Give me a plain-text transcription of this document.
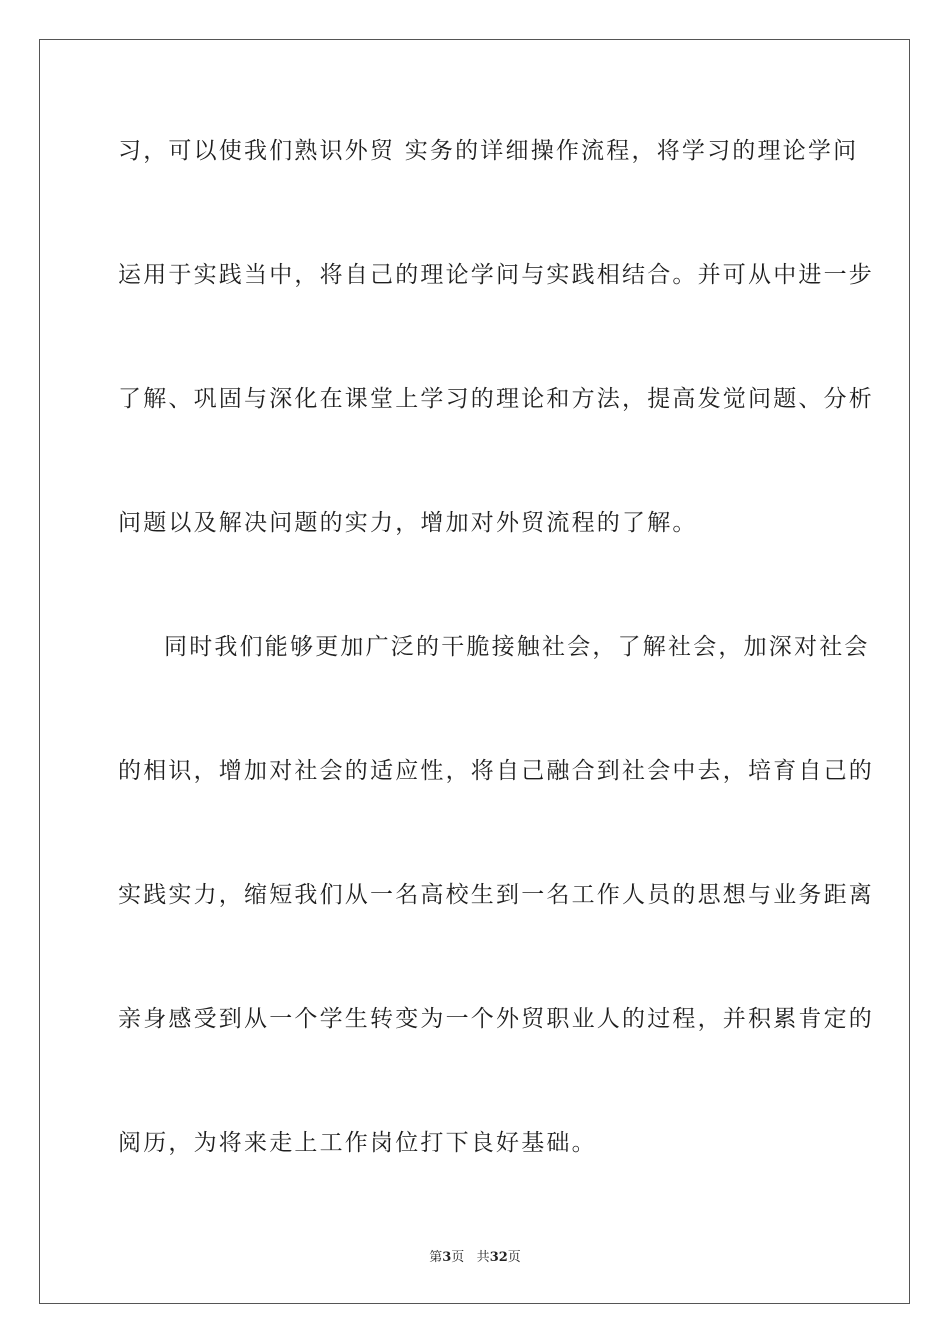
习，可以使我们熟识外贸 实务的详细操作流程，将学习的理论学问
运用于实践当中，将自己的理论学问与实践相结合。并可从中进一步
了解、巩固与深化在课堂上学习的理论和方法，提高发觉问题、分析
问题以及解决问题的实力，增加对外贸流程的了解。
同时我们能够更加广泛的干脆接触社会，了解社会，加深对社会
的相识，增加对社会的适应性，将自己融合到社会中去，培育自己的
实践实力，缩短我们从一名高校生到一名工作人员的思想与业务距离
亲身感受到从一个学生转变为一个外贸职业人的过程，并积累肯定的
阅历，为将来走上工作岗位打下良好基础。
第3页 共32页
